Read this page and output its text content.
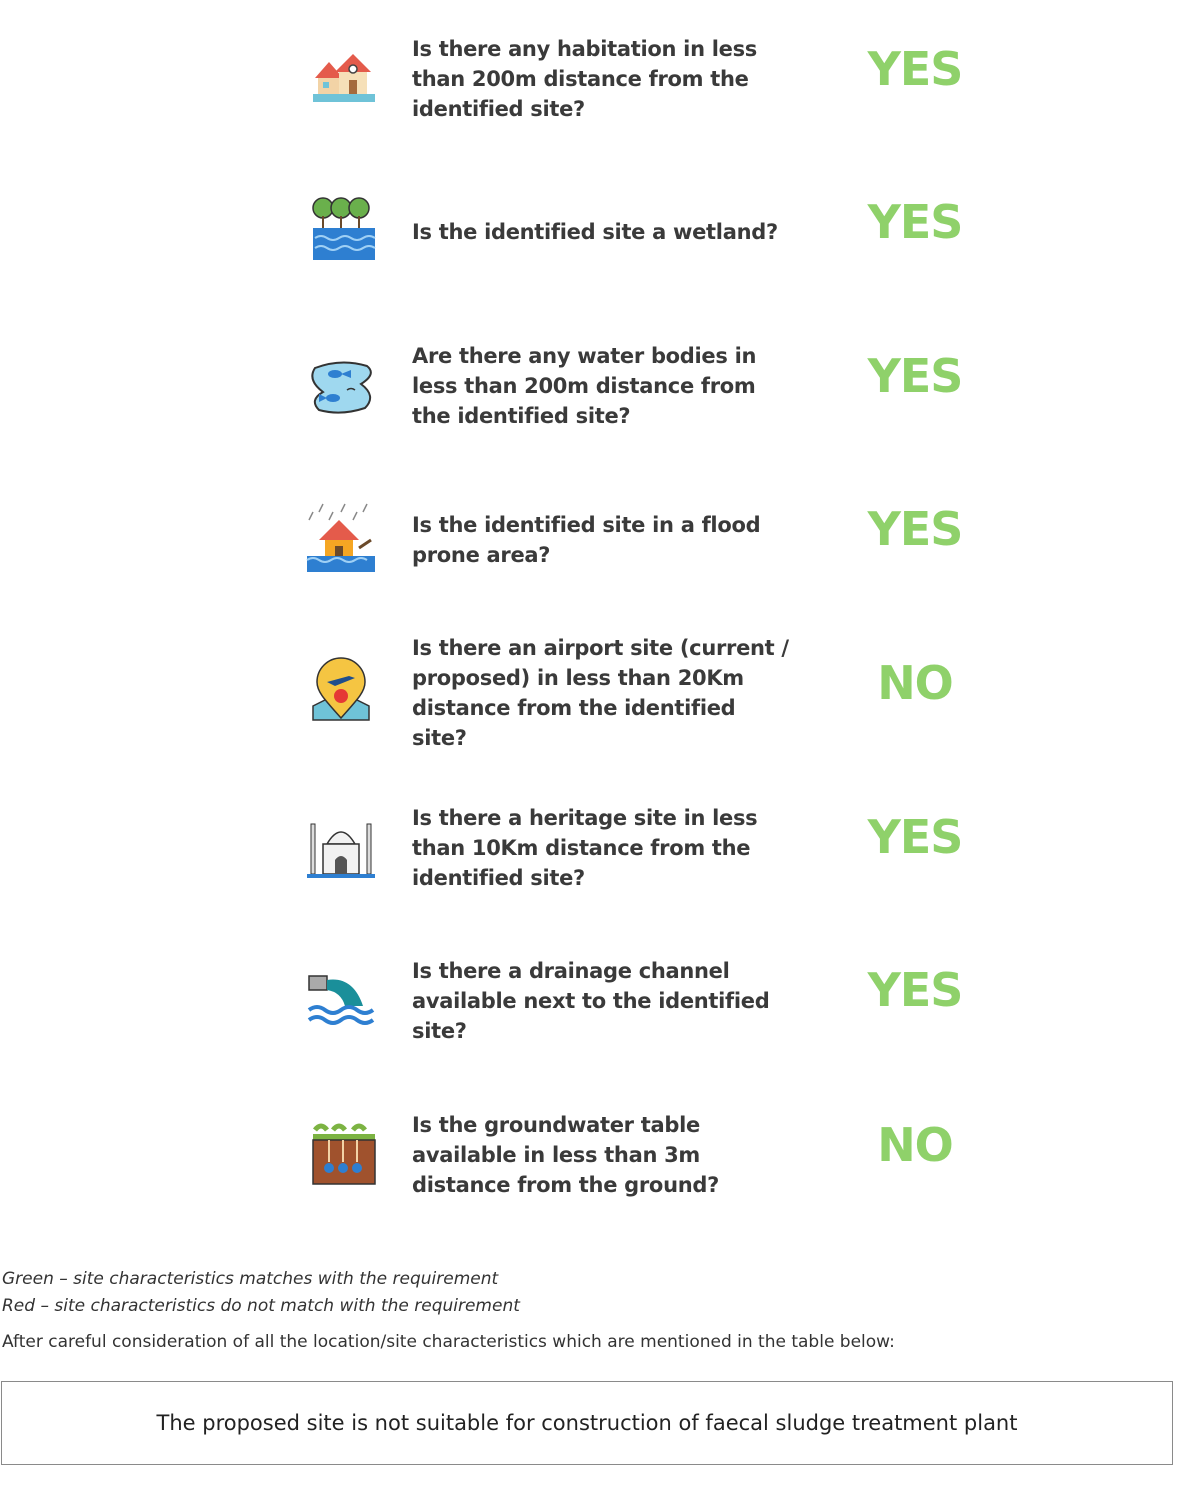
Is there any habitation in less than 200m distance from the identified site?
YES
Is the identified site a wetland?	YES
Are there any water bodies in less than 200m distance from the identified site?
YES
Is the identified site in a flood prone area?	YES
Is there an airport site (current / proposed) in less than 20Km distance from the identified site?
NO
Is there a heritage site in less than 10Km distance from the identified site?
YES
Is there a drainage channel available next to the identified site?
YES
Is the groundwater table available in less than 3m distance from the ground?
NO
Green – site characteristics matches with the requirement
Red – site characteristics do not match with the requirement
After careful consideration of all the location/site characteristics which are mentioned in the table below:
The proposed site is not suitable for construction of faecal sludge treatment plant
